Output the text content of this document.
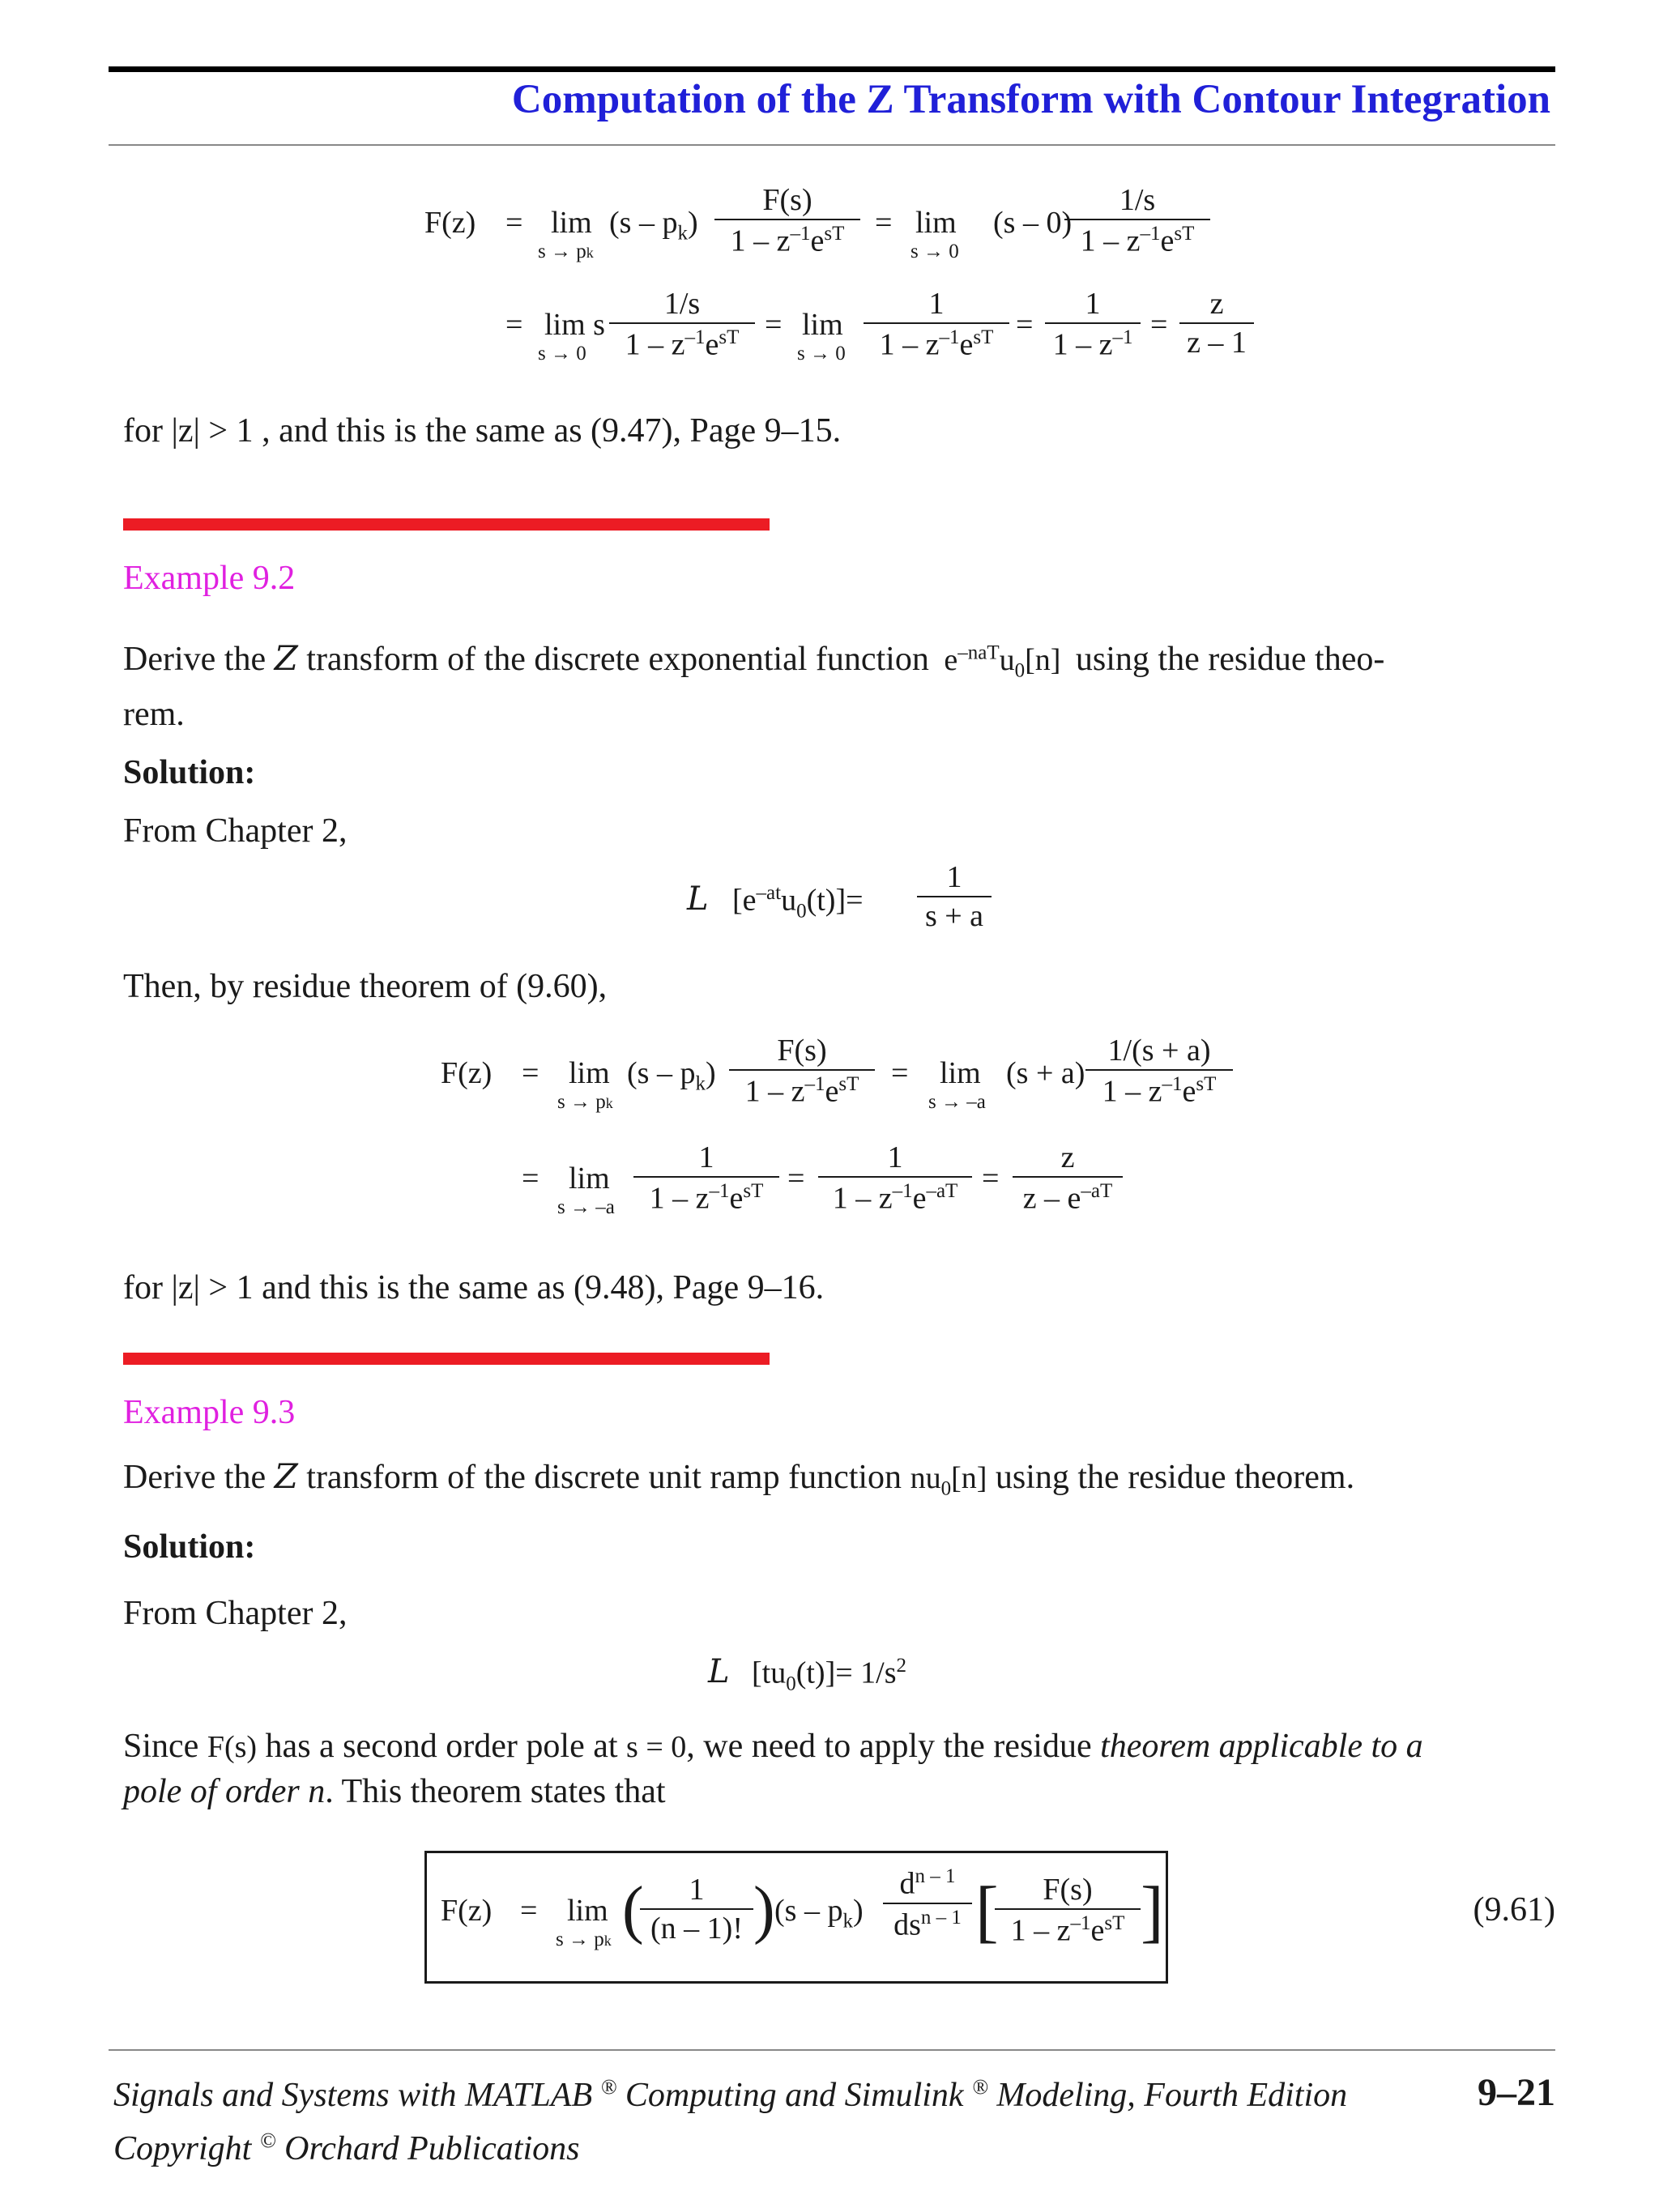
Computation of the Z Transform with Contour Integration
F(z) = lim
s → pk
$(s - p_k)$
F(s)
$1 - z^{-1}e^{sT} = \lim$
s → 0
(s – 0)
1/s
$1 - z^{-1}e^{sT}$
= lim s
s → 0
1/s
$1 - z^{-1}e^{sT} = \lim$
s → 0
1
$1 - z^{-1}e^{sT} = \frac{1}{1 - z^{-1}} = \frac{z}{z - 1}$
for |z| > 1 , and this is the same as (9.47), Page 9–15.
Example 9.2
Derive the Z transform of the discrete exponential function $e^{-naT}u_0[n]$ using the residue theo-
rem.
Solution:
From Chapter 2,
L $[e^{-at}u_0(t)]= \frac{1}{s + a}$
Then, by residue theorem of (9.60),
F(z) = lim
s → pk
$(s - p_k)$
F(s)
$1 - z^{-1}e^{sT}$	= lim
s → –a
(s + a)
1/(s + a)
$1 - z^{-1}e^{sT}$
= lim
s → –a
1
$1 - z^{-1}e^{sT} = \frac{1}{1 - z^{-1}e^{-aT}} = \frac{z}{z - e^{-aT}}$
for |z| > 1 and this is the same as (9.48), Page 9–16.
Example 9.3
Derive the Z transform of the discrete unit ramp function $nu_0[n]$ using the residue theorem.
Solution:
From Chapter 2,
L $[tu_0(t)]= 1/s^2$
Since F(s) has a second order pole at s = 0, we need to apply the residue theorem applicable to a
pole of order n. This theorem states that
F(z) = lim
s → pk (
$\frac{1}{(n - 1)!}$ ) $(s - p_k)$
$d^{n - 1}$
$ds^{n - 1}$ [	F(s)
$1 - z^{-1}e^{sT}$ ]	(9.61)
Signals and Systems with MATLAB ® Computing and Simulink ® Modeling, Fourth Edition
Copyright © Orchard Publications
9–21
